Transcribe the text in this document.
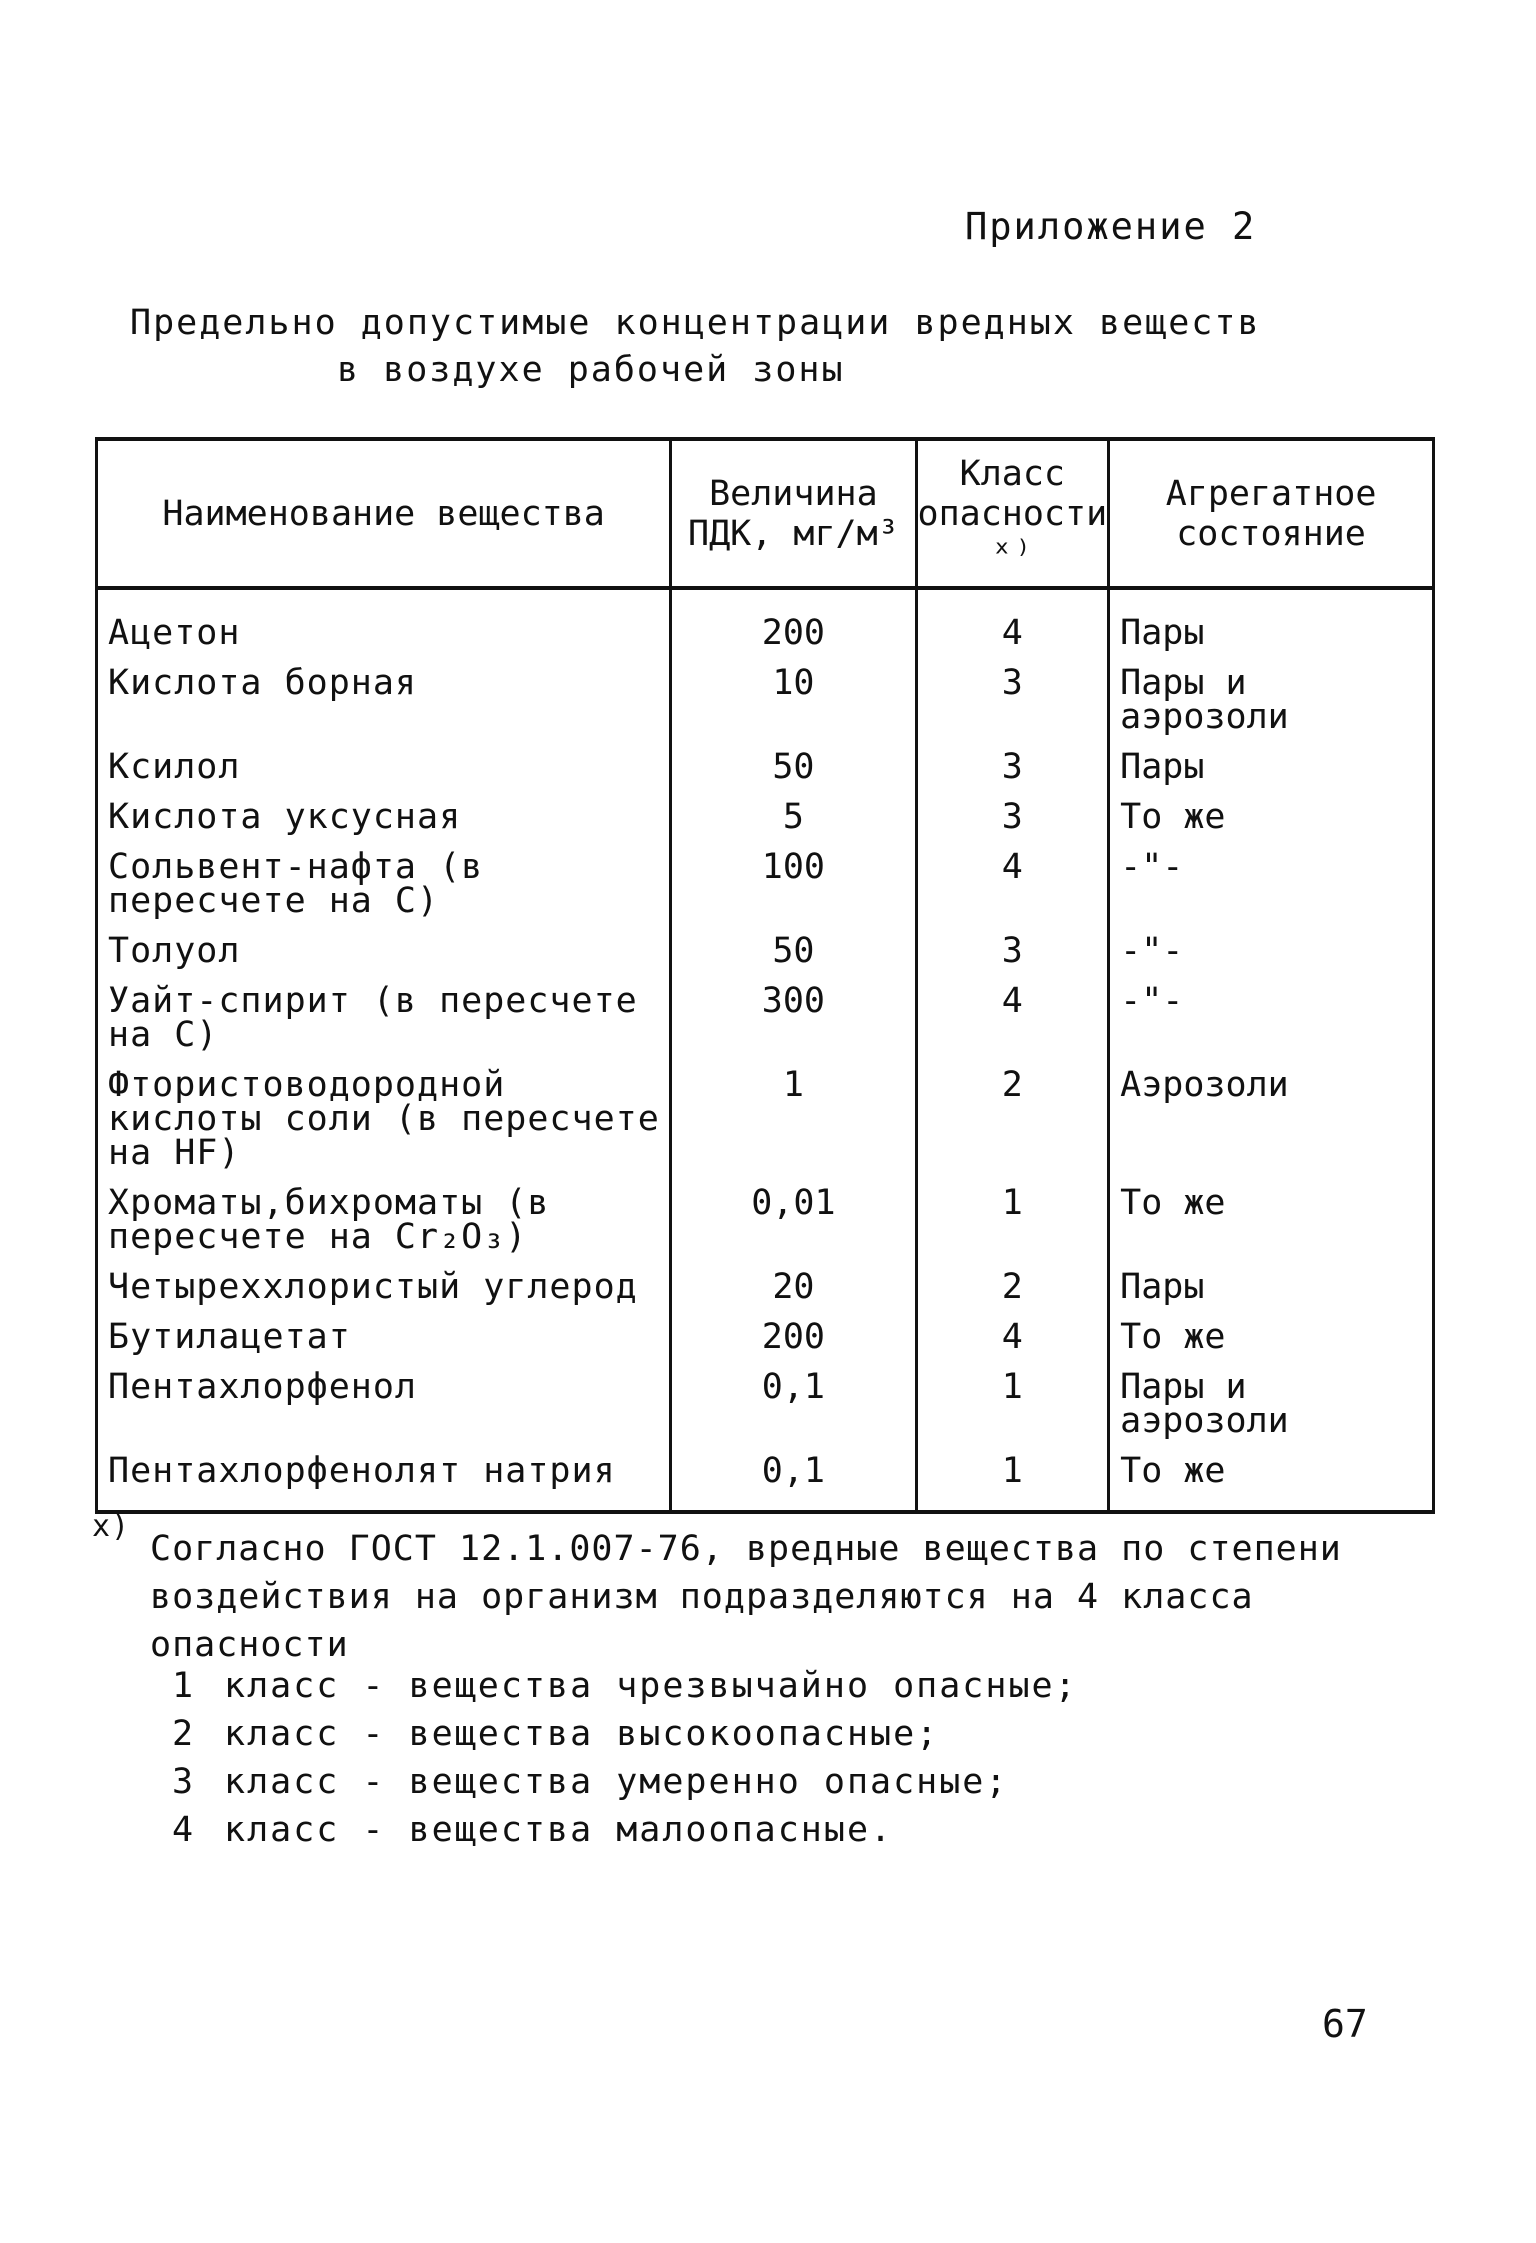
Приложение 2
Предельно допустимые концентрации вредных веществ
в воздухе рабочей зоны
Наименование вещества	Величина ПДК, мг/м³	Класс опасности ˣ⁾	Агрегатное состояние
Ацетон	200	4	Пары
Кислота борная	10	3	Пары и аэрозоли
Ксилол	50	3	Пары
Кислота уксусная	5	3	То же
Сольвент-нафта (в пересчете на С)	100	4	-"-
Толуол	50	3	-"-
Уайт-спирит (в пересчете на С)	300	4	-"-
Фтористоводородной кислоты соли (в пересчете на HF)	1	2	Аэрозоли
Хроматы,бихроматы (в пересчете на Cr₂O₃)	0,01	1	То же
Четыреххлористый углерод	20	2	Пары
Бутилацетат	200	4	То же
Пентахлорфенол	0,1	1	Пары и аэрозоли
Пентахлорфенолят натрия	0,1	1	То же
x)
Согласно ГОСТ 12.1.007-76, вредные вещества по степени воздействия на организм подразделяются на 4 класса опасности
1 класс - вещества чрезвычайно опасные;
2 класс - вещества высокоопасные;
3 класс - вещества умеренно опасные;
4 класс - вещества малоопасные.
67
